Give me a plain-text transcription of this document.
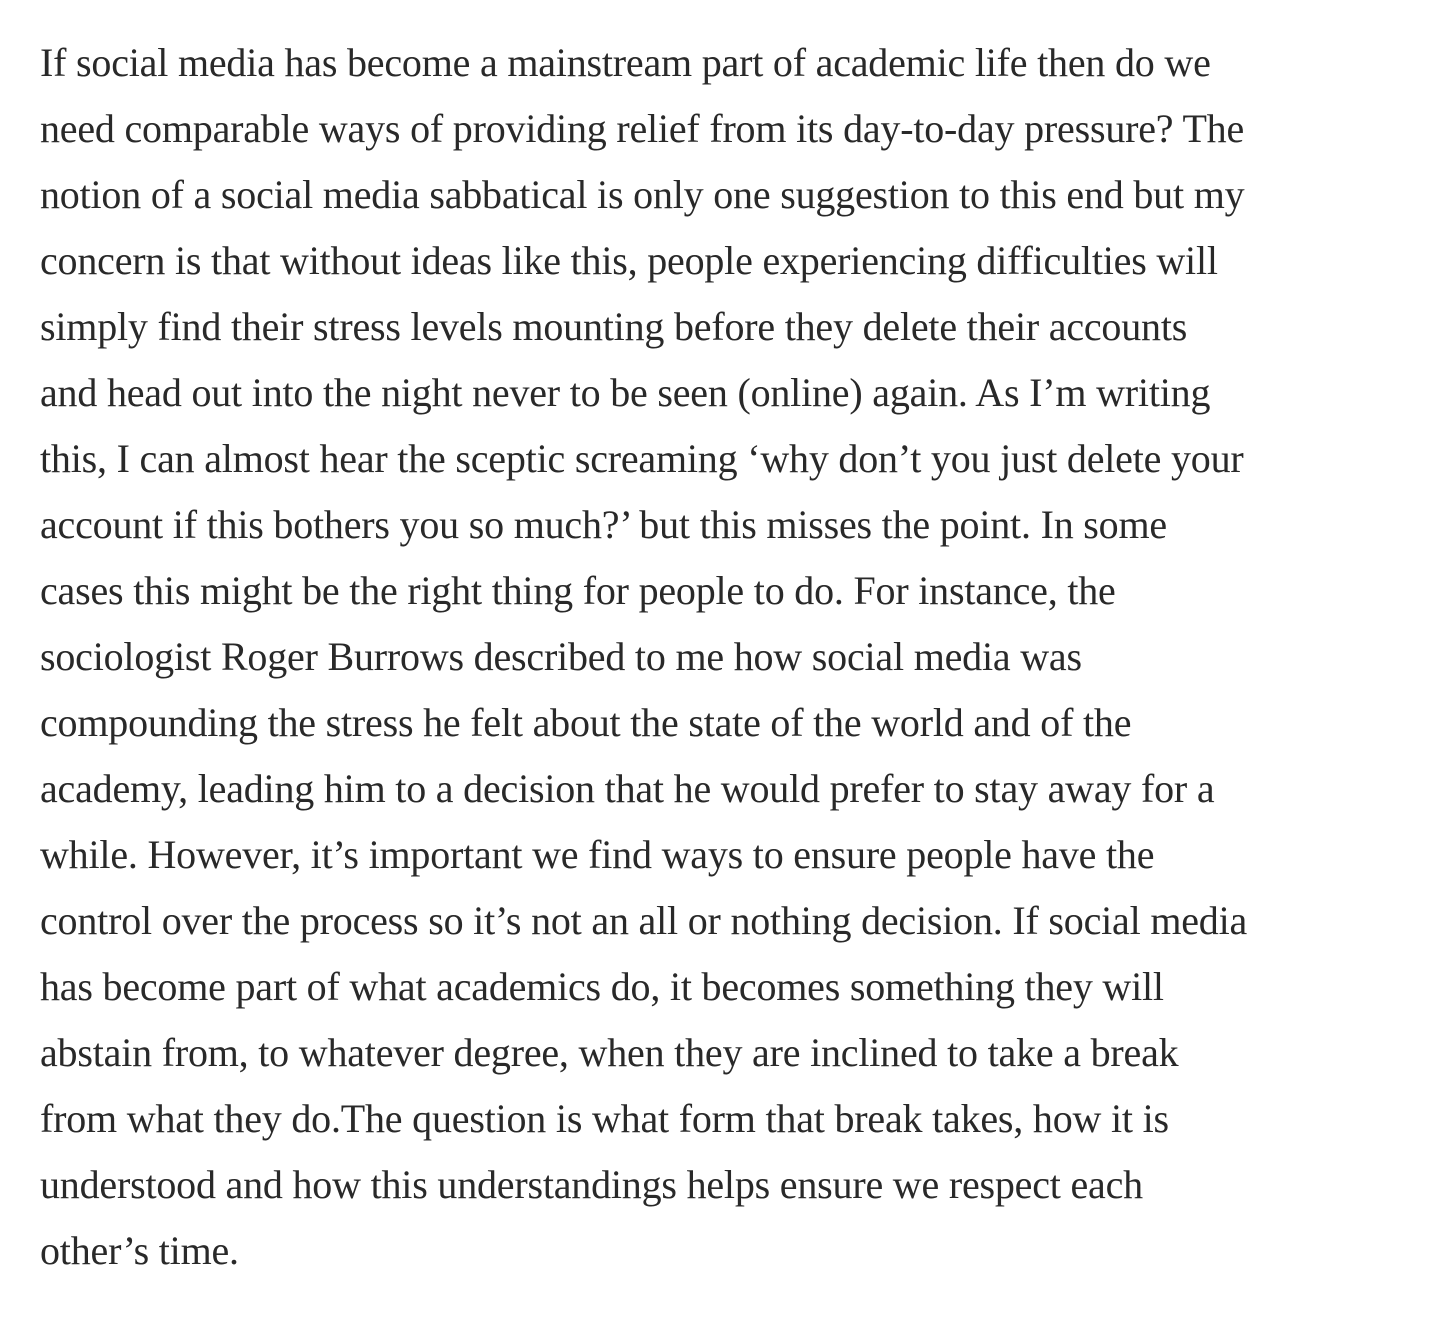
If social media has become a mainstream part of academic life then do we
need comparable ways of providing relief from its day-to-day pressure? The
notion of a social media sabbatical is only one suggestion to this end but my
concern is that without ideas like this, people experiencing difficulties will
simply find their stress levels mounting before they delete their accounts
and head out into the night never to be seen (online) again. As I’m writing
this, I can almost hear the sceptic screaming ‘why don’t you just delete your
account if this bothers you so much?’ but this misses the point. In some
cases this might be the right thing for people to do. For instance, the
sociologist Roger Burrows described to me how social media was
compounding the stress he felt about the state of the world and of the
academy, leading him to a decision that he would prefer to stay away for a
while. However, it’s important we find ways to ensure people have the
control over the process so it’s not an all or nothing decision. If social media
has become part of what academics do, it becomes something they will
abstain from, to whatever degree, when they are inclined to take a break
from what they do.The question is what form that break takes, how it is
understood and how this understandings helps ensure we respect each
other’s time.
